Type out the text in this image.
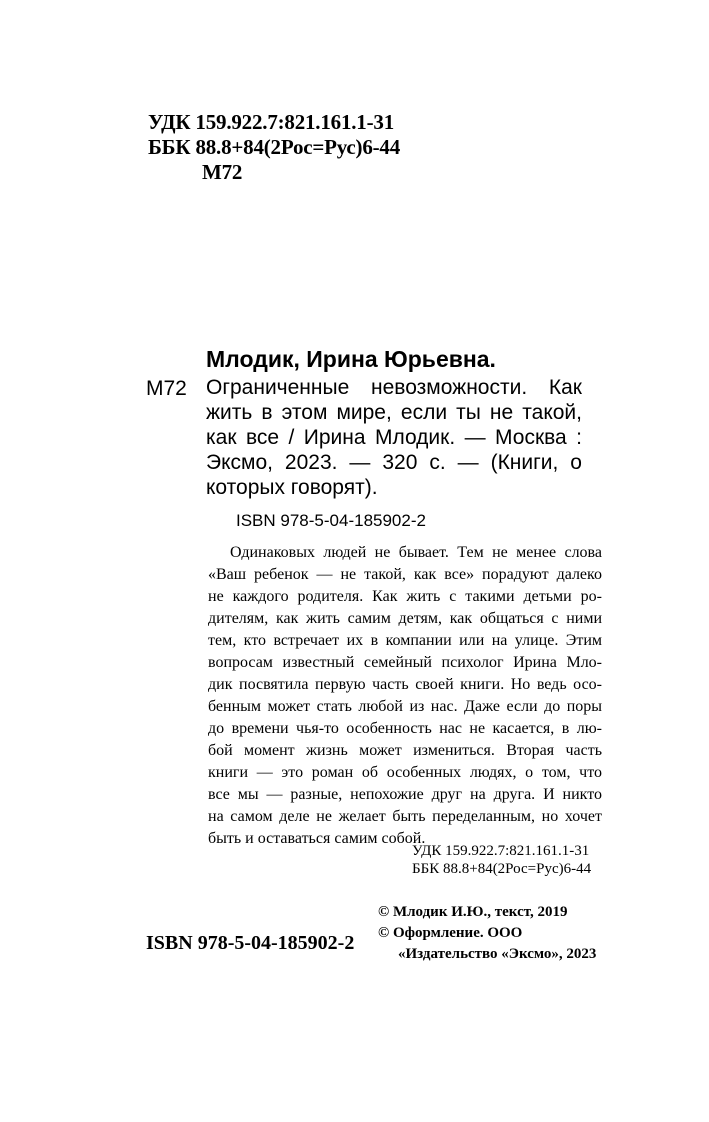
УДК 159.922.7:821.161.1-31
ББК 88.8+84(2Рос=Рус)6-44
М72
Млодик, Ирина Юрьевна.
М72 Ограниченные невозможности. Как
жить в этом мире, если ты не такой,
как все / Ирина Млодик. — Москва :
Эксмо, 2023. — 320 с. — (Книги, о
которых говорят).
ISBN 978-5-04-185902-2
Одинаковых людей не бывает. Тем не менее слова
«Ваш ребенок — не такой, как все» порадуют далеко
не каждого родителя. Как жить с такими детьми ро-
дителям, как жить самим детям, как общаться с ними
тем, кто встречает их в компании или на улице. Этим
вопросам известный семейный психолог Ирина Мло-
дик посвятила первую часть своей книги. Но ведь осо-
бенным может стать любой из нас. Даже если до поры
до времени чья-то особенность нас не касается, в лю-
бой момент жизнь может измениться. Вторая часть
книги — это роман об особенных людях, о том, что
все мы — разные, непохожие друг на друга. И никто
на самом деле не желает быть переделанным, но хочет
быть и оставаться самим собой.
УДК 159.922.7:821.161.1-31
ББК 88.8+84(2Рос=Рус)6-44
ISBN 978-5-04-185902-2
© Млодик И.Ю., текст, 2019
© Оформление. ООО
«Издательство «Эксмо», 2023
